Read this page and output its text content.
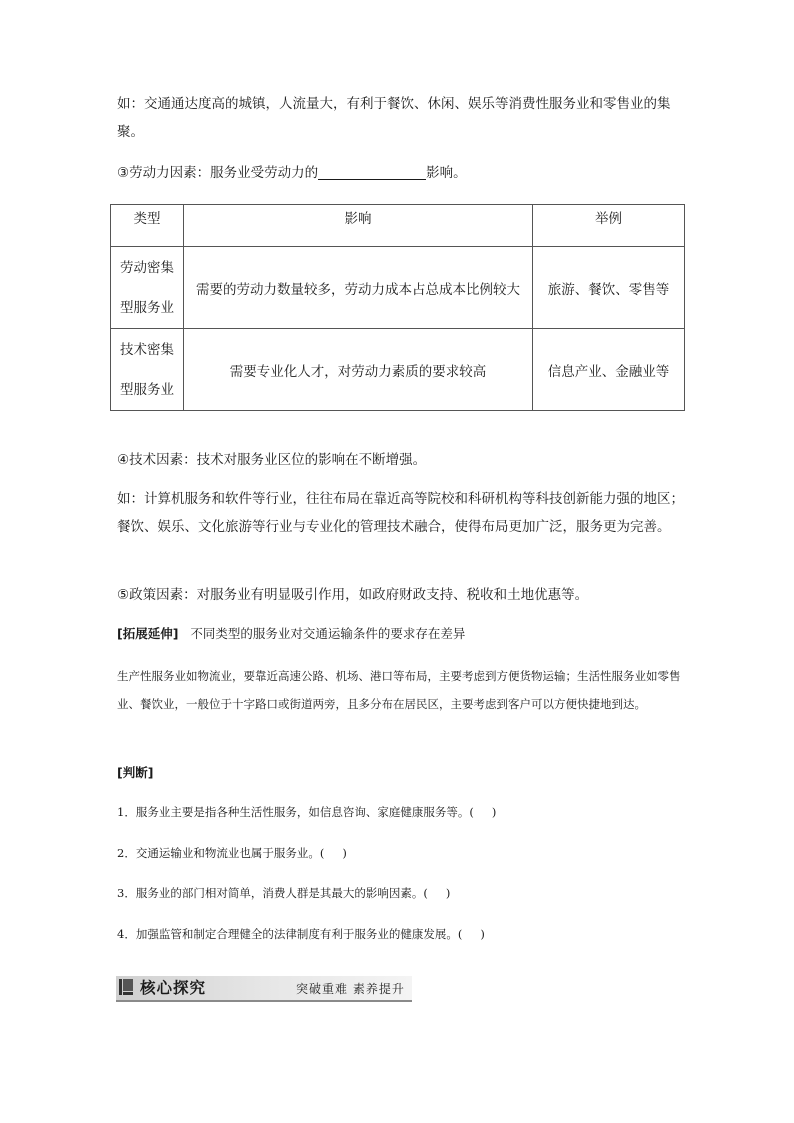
如：交通通达度高的城镇，人流量大，有利于餐饮、休闲、娱乐等消费性服务业和零售业的集聚。

③劳动力因素：服务业受劳动力的	影响。

类型	影响	举例
劳动密集型服务业	需要的劳动力数量较多，劳动力成本占总成本比例较大	旅游、餐饮、零售等
技术密集型服务业	需要专业化人才，对劳动力素质的要求较高	信息产业、金融业等

④技术因素：技术对服务业区位的影响在不断增强。

如：计算机服务和软件等行业，往往布局在靠近高等院校和科研机构等科技创新能力强的地区；餐饮、娱乐、文化旅游等行业与专业化的管理技术融合，使得布局更加广泛，服务更为完善。

⑤政策因素：对服务业有明显吸引作用，如政府财政支持、税收和土地优惠等。

[拓展延伸] 不同类型的服务业对交通运输条件的要求存在差异

生产性服务业如物流业，要靠近高速公路、机场、港口等布局，主要考虑到方便货物运输；生活性服务业如零售业、餐饮业，一般位于十字路口或街道两旁，且多分布在居民区，主要考虑到客户可以方便快捷地到达。

[判断]

1．服务业主要是指各种生活性服务，如信息咨询、家庭健康服务等。( )

2．交通运输业和物流业也属于服务业。( )

3．服务业的部门相对简单，消费人群是其最大的影响因素。( )

4．加强监管和制定合理健全的法律制度有利于服务业的健康发展。( )

核心探究	突破重难 素养提升
